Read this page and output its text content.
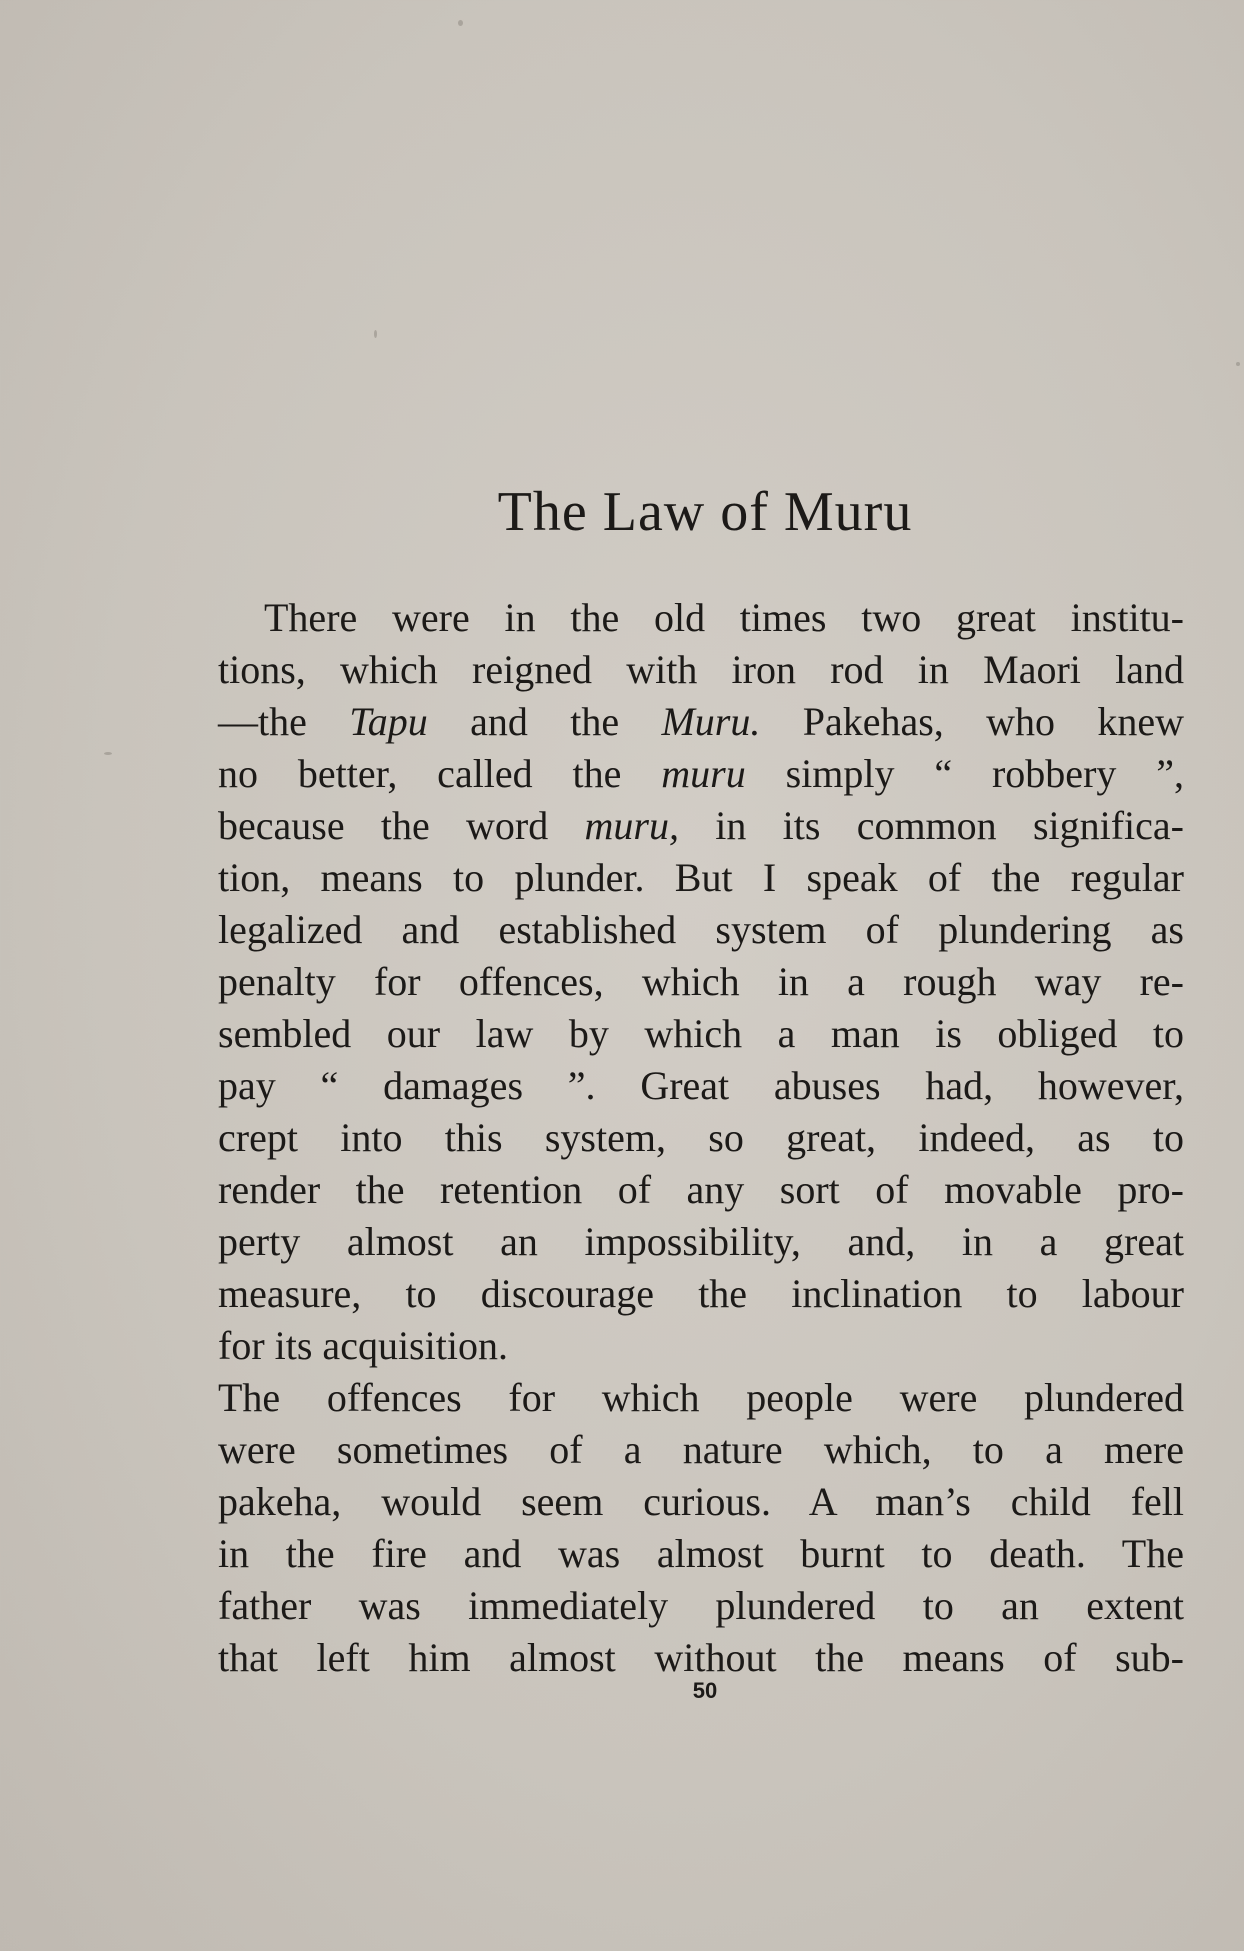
The Law of Muru
There were in the old times two great institu-
tions, which reigned with iron rod in Maori land
—the Tapu and the Muru. Pakehas, who knew
no better, called the muru simply “ robbery ”,
because the word muru, in its common significa-
tion, means to plunder. But I speak of the regular
legalized and established system of plundering as
penalty for offences, which in a rough way re-
sembled our law by which a man is obliged to
pay “ damages ”. Great abuses had, however,
crept into this system, so great, indeed, as to
render the retention of any sort of movable pro-
perty almost an impossibility, and, in a great
measure, to discourage the inclination to labour
for its acquisition.
The offences for which people were plundered
were sometimes of a nature which, to a mere
pakeha, would seem curious. A man’s child fell
in the fire and was almost burnt to death. The
father was immediately plundered to an extent
that left him almost without the means of sub-
50
